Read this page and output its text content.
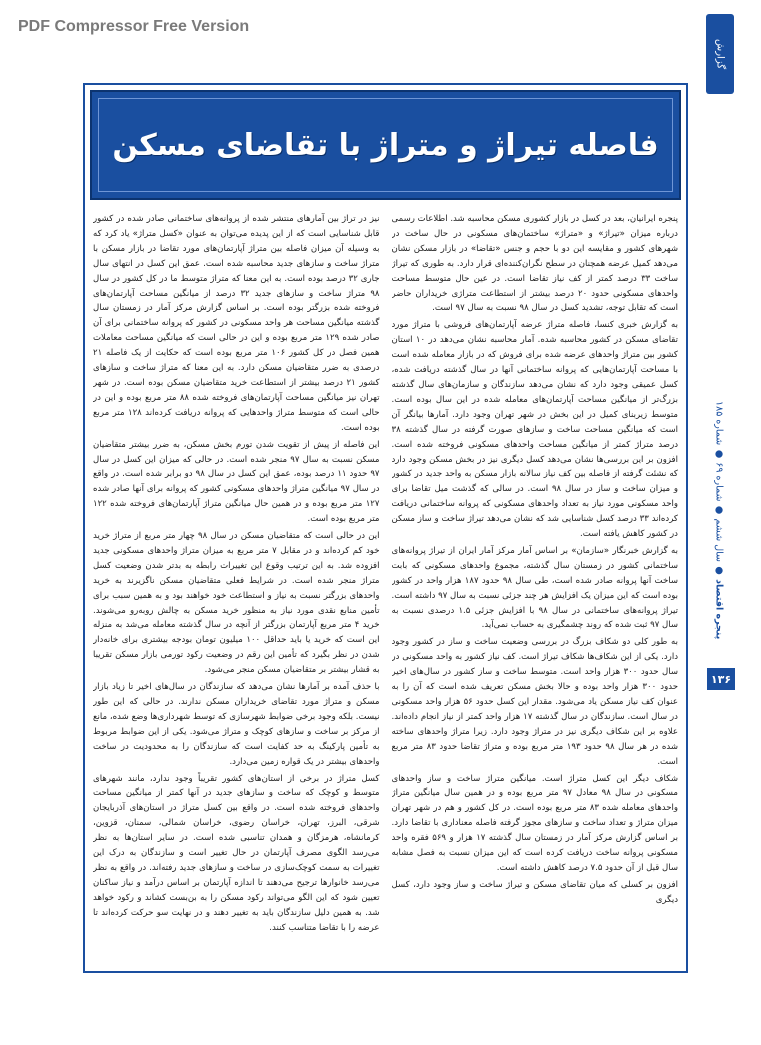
PDF Compressor Free Version
گزارش
پنجره اقتصاد ● سال ششم ● شماره ۶۹ ● شماره ۱۸۵
۱۳۶
فاصله تیراژ و متراژ با تقاضای مسکن

پنجره ایرانیان، بعد در کسل در بازار کشوری مسکن محاسبه شد. اطلاعات رسمی درباره میزان «تیراژ» و «متراژ» ساختمان‌های مسکونی در حال ساخت در شهرهای کشور و مقایسه این دو با حجم و جنس «تقاضا» در بازار مسکن نشان می‌دهد کمیل عرضه همچنان در سطح نگران‌کننده‌ای قرار دارد. به طوری که تیراژ ساخت ۳۳ درصد کمتر از کف نیاز تقاضا است. در عین حال متوسط مساحت واحدهای مسکونی حدود ۲۰ درصد بیشتر از استطاعت متراژی خریداران حاضر است که تقابل توجه، تشدید کسل در سال ۹۸ نسبت به سال ۹۷ است.

به گزارش خبری کنسا، فاصله متراژ عرضه آپارتمان‌های فروشی با متراژ مورد تقاضای مسکن در کشور محاسبه شده. آمار محاسبه نشان می‌دهد در ۱۰ استان کشور بین متراژ واحدهای عرضه شده برای فروش که در بازار معامله شده است با مساحت آپارتمان‌هایی که پروانه ساختمانی آنها در سال گذشته دریافت شده، کسل عمیقی وجود دارد که نشان می‌دهد سازندگان و سازمان‌های سال گذشته بزرگ‌تر از میانگین مساحت آپارتمان‌های معامله شده در این سال بوده است. متوسط زیربنای کمیل در این بخش در شهر تهران وجود دارد. آمارها بیانگر آن است که میانگین مساحت ساخت و سازهای صورت گرفته در سال گذشته ۳۸ درصد متراژ کمتر از میانگین مساحت واحدهای مسکونی فروخته شده است. افزون بر این بررسی‌ها نشان می‌دهد کسل دیگری نیز در بخش مسکن وجود دارد که نشئت گرفته از فاصله بین کف نیاز سالانه بازار مسکن به واحد جدید در کشور و میزان ساخت و ساز در سال ۹۸ است. در سالی که گذشت میل تقاضا برای واحد مسکونی مورد نیاز به تعداد واحدهای مسکونی که پروانه ساختمانی دریافت کرده‌اند ۳۳ درصد کسل شناسایی شد که نشان می‌دهد تیراژ ساخت و ساز مسکن در کشور کاهش یافته است.

به گزارش خبرنگار «سازمان» بر اساس آمار مرکز آمار ایران از تیراژ پروانه‌های ساختمانی کشور در زمستان سال گذشته، مجموع واحدهای مسکونی که بابت ساخت آنها پروانه صادر شده است، طی سال ۹۸ حدود ۱۸۷ هزار واحد در کشور بوده است که این میزان یک افزایش هر چند جزئی نسبت به سال ۹۷ داشته است. تیراژ پروانه‌های ساختمانی در سال ۹۸ با افزایش جزئی ۱.۵ درصدی نسبت به سال ۹۷ ثبت شده که روند چشمگیری به حساب نمی‌آید.

به طور کلی دو شکاف بزرگ در بررسی وضعیت ساخت و ساز در کشور وجود دارد. یکی از این شکاف‌ها شکاف تیراژ است. کف نیاز کشور به واحد مسکونی در سال حدود ۳۰۰ هزار واحد است. متوسط ساخت و ساز کشور در سال‌های اخیر حدود ۳۰۰ هزار واحد بوده و حالا بخش مسکن تعریف شده است که آن را به عنوان کف نیاز مسکن یاد می‌شود. مقدار این کسل حدود ۵۶ هزار واحد مسکونی در سال است. سازندگان در سال گذشته ۱۷ هزار واحد کمتر از نیاز انجام داده‌اند. علاوه بر این شکاف دیگری نیز در متراژ وجود دارد. زیرا متراژ واحدهای ساخته شده در هر سال ۹۸ حدود ۱۹۳ متر مربع بوده و متراژ تقاضا حدود ۸۳ متر مربع است.

شکاف دیگر این کسل متراژ است. میانگین متراژ ساخت و ساز واحدهای مسکونی در سال ۹۸ معادل ۹۷ متر مربع بوده و در همین سال میانگین متراژ واحدهای معامله شده ۸۳ متر مربع بوده است. در کل کشور و هم در شهر تهران میزان متراژ و تعداد ساخت و سازهای مجوز گرفته فاصله معناداری با تقاضا دارد. بر اساس گزارش مرکز آمار در زمستان سال گذشته ۱۷ هزار و ۵۶۹ فقره واحد مسکونی پروانه ساخت دریافت کرده است که این میزان نسبت به فصل مشابه سال قبل از آن حدود ۷.۵ درصد کاهش داشته است.

افزون بر کسلی که میان تقاضای مسکن و تیراژ ساخت و ساز وجود دارد، کسل دیگری

نیز در تراژ بین آمارهای منتشر شده از پروانه‌های ساختمانی صادر شده در کشور قابل شناسایی است که از این پدیده می‌توان به عنوان «کسل متراژ» یاد کرد که به وسیله آن میزان فاصله بین متراژ آپارتمان‌های مورد تقاضا در بازار مسکن با متراژ ساخت و سازهای جدید محاسبه شده است. عمق این کسل در انتهای سال جاری ۳۲ درصد بوده است. به این معنا که متراژ متوسط ما در کل کشور در سال ۹۸ متراژ ساخت و سازهای جدید ۳۲ درصد از میانگین مساحت آپارتمان‌های فروخته شده بزرگتر بوده است. بر اساس گزارش مرکز آمار در زمستان سال گذشته میانگین مساحت هر واحد مسکونی در کشور که پروانه ساختمانی برای آن صادر شده ۱۲۹ متر مربع بوده و این در حالی است که میانگین مساحت معاملات همین فصل در کل کشور ۱۰۶ متر مربع بوده است که حکایت از یک فاصله ۲۱ درصدی به ضرر متقاضیان مسکن دارد. به این معنا که متراژ ساخت و سازهای کشور ۲۱ درصد بیشتر از استطاعت خرید متقاضیان مسکن بوده است. در شهر تهران نیز میانگین مساحت آپارتمان‌های فروخته شده ۸۸ متر مربع بوده و این در حالی است که متوسط متراژ واحدهایی که پروانه دریافت کرده‌اند ۱۲۸ متر مربع بوده است.

این فاصله از پیش از تقویت شدن تورم بخش مسکن، به ضرر بیشتر متقاضیان مسکن نسبت به سال ۹۷ منجر شده است. در حالی که میزان این کسل در سال ۹۷ حدود ۱۱ درصد بوده، عمق این کسل در سال ۹۸ دو برابر شده است. در واقع در سال ۹۷ میانگین متراژ واحدهای مسکونی کشور که پروانه برای آنها صادر شده ۱۲۷ متر مربع بوده و در همین حال میانگین متراژ آپارتمان‌های فروخته شده ۱۲۲ متر مربع بوده است.

این در حالی است که متقاضیان مسکن در سال ۹۸ چهار متر مربع از متراژ خرید خود کم کرده‌اند و در مقابل ۷ متر مربع به میزان متراژ واحدهای مسکونی جدید افزوده شد. به این ترتیب وقوع این تغییرات رابطه به بدتر شدن وضعیت کسل متراژ منجر شده است. در شرایط فعلی متقاضیان مسکن ناگزیرند به خرید واحدهای بزرگتر نسبت به نیاز و استطاعت خود خواهند بود و به همین سبب برای تأمین منابع نقدی مورد نیاز به منظور خرید مسکن به چالش روبه‌رو می‌شوند. خرید ۴ متر مربع آپارتمان بزرگتر از آنچه در سال گذشته معامله می‌شد به منزله این است که خرید یا باید حداقل ۱۰۰ میلیون تومان بودجه بیشتری برای خانه‌دار شدن در نظر بگیرد که تأمین این رقم در وضعیت رکود تورمی بازار مسکن تقریبا به قشار بیشتر بر متقاضیان مسکن منجر می‌شود.

با حذف آمده بر آمارها نشان می‌دهد که سازندگان در سال‌های اخیر تا زیاد بازار مسکن و متراژ مورد تقاضای خریداران مسکن ندارند. در حالی که این طور نیست. بلکه وجود برخی ضوابط شهرسازی که توسط شهرداری‌ها وضع شده، مانع از مرکز بر ساخت و سازهای کوچک و متراژ می‌شود. یکی از این ضوابط مربوط به تأمین پارکینگ به حد کفایت است که سازندگان را به محدودیت در ساخت واحدهای بیشتر در یک قواره زمین می‌دارد.

کسل متراژ در برخی از استان‌های کشور تقریباً وجود ندارد، مانند شهرهای متوسط و کوچک که ساخت و سازهای جدید در آنها کمتر از میانگین مساحت واحدهای فروخته شده است. در واقع بین کسل متراژ در استان‌های آذربایجان شرقی، البرز، تهران، خراسان رضوی، خراسان شمالی، سمنان، قزوین، کرمانشاه، هرمزگان و همدان تناسبی شده است. در سایر استان‌ها به نظر می‌رسد الگوی مصرف آپارتمان در حال تغییر است و سازندگان به درک این تغییرات به سمت کوچک‌سازی در ساخت و سازهای جدید رفته‌اند. در واقع به نظر می‌رسد خانوارها ترجیح می‌دهند تا اندازه آپارتمان بر اساس درآمد و نیاز ساکنان تعیین شود که این الگو می‌تواند رکود مسکن را به بن‌بست کشاند و رکود خواهد شد. به همین دلیل سازندگان باید به تغییر دهند و در نهایت سو حرکت کرده‌اند تا عرضه را با تقاضا متناسب کنند.
